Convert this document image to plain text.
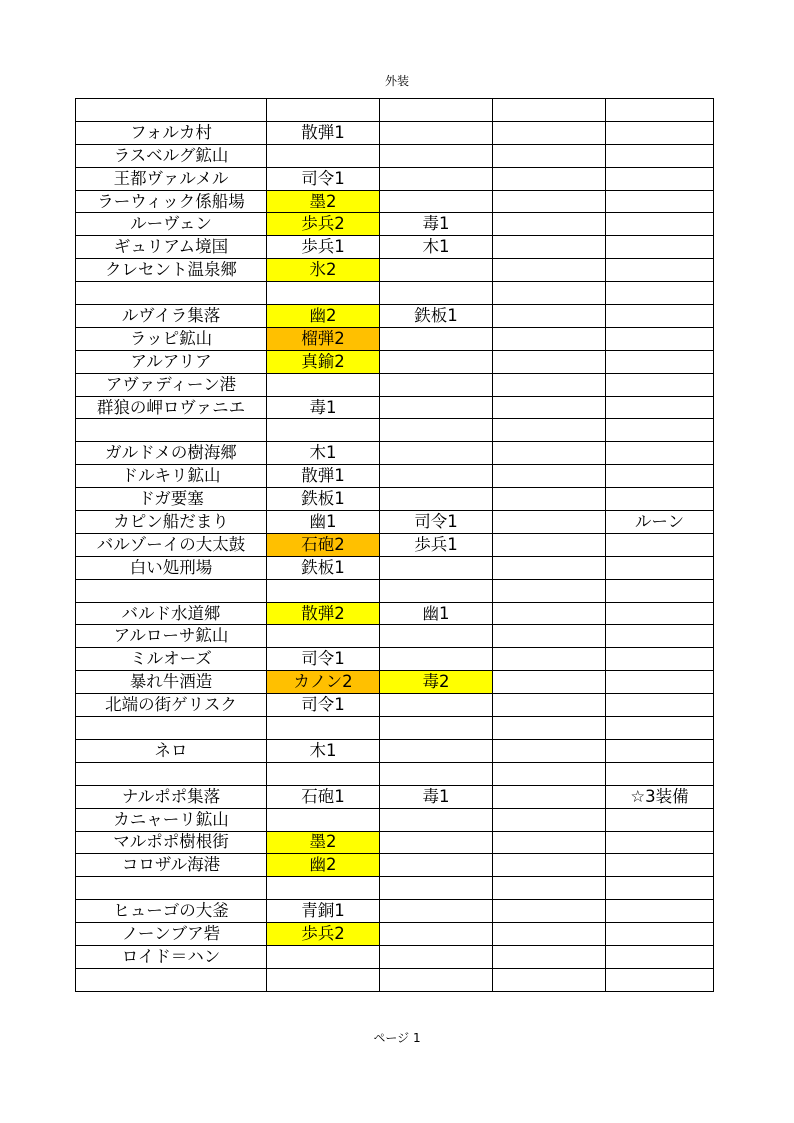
外装

フォルカ村	散弾1			
ラスベルグ鉱山				
王都ヴァルメル	司令1			
ラーウィック係船場	墨2			
ルーヴェン	歩兵2	毒1		
ギュリアム境国	歩兵1	木1		
クレセント温泉郷	氷2			

ルヴイラ集落	幽2	鉄板1		
ラッピ鉱山	榴弾2			
アルアリア	真鍮2			
アヴァディーン港				
群狼の岬ロヴァニエ	毒1			

ガルドメの樹海郷	木1			
ドルキリ鉱山	散弾1			
ドガ要塞	鉄板1			
カピン船だまり	幽1	司令1		ルーン
バルゾーイの大太鼓	石砲2	歩兵1		
白い処刑場	鉄板1			

バルド水道郷	散弾2	幽1		
アルローサ鉱山				
ミルオーズ	司令1			
暴れ牛酒造	カノン2	毒2		
北端の街ゲリスク	司令1			

ネロ	木1			

ナルポポ集落	石砲1	毒1		☆3装備
カニャーリ鉱山				
マルポポ樹根街	墨2			
コロザル海港	幽2			

ヒューゴの大釜	青銅1			
ノーンブア砦	歩兵2			
ロイド＝ハン				

ページ 1
